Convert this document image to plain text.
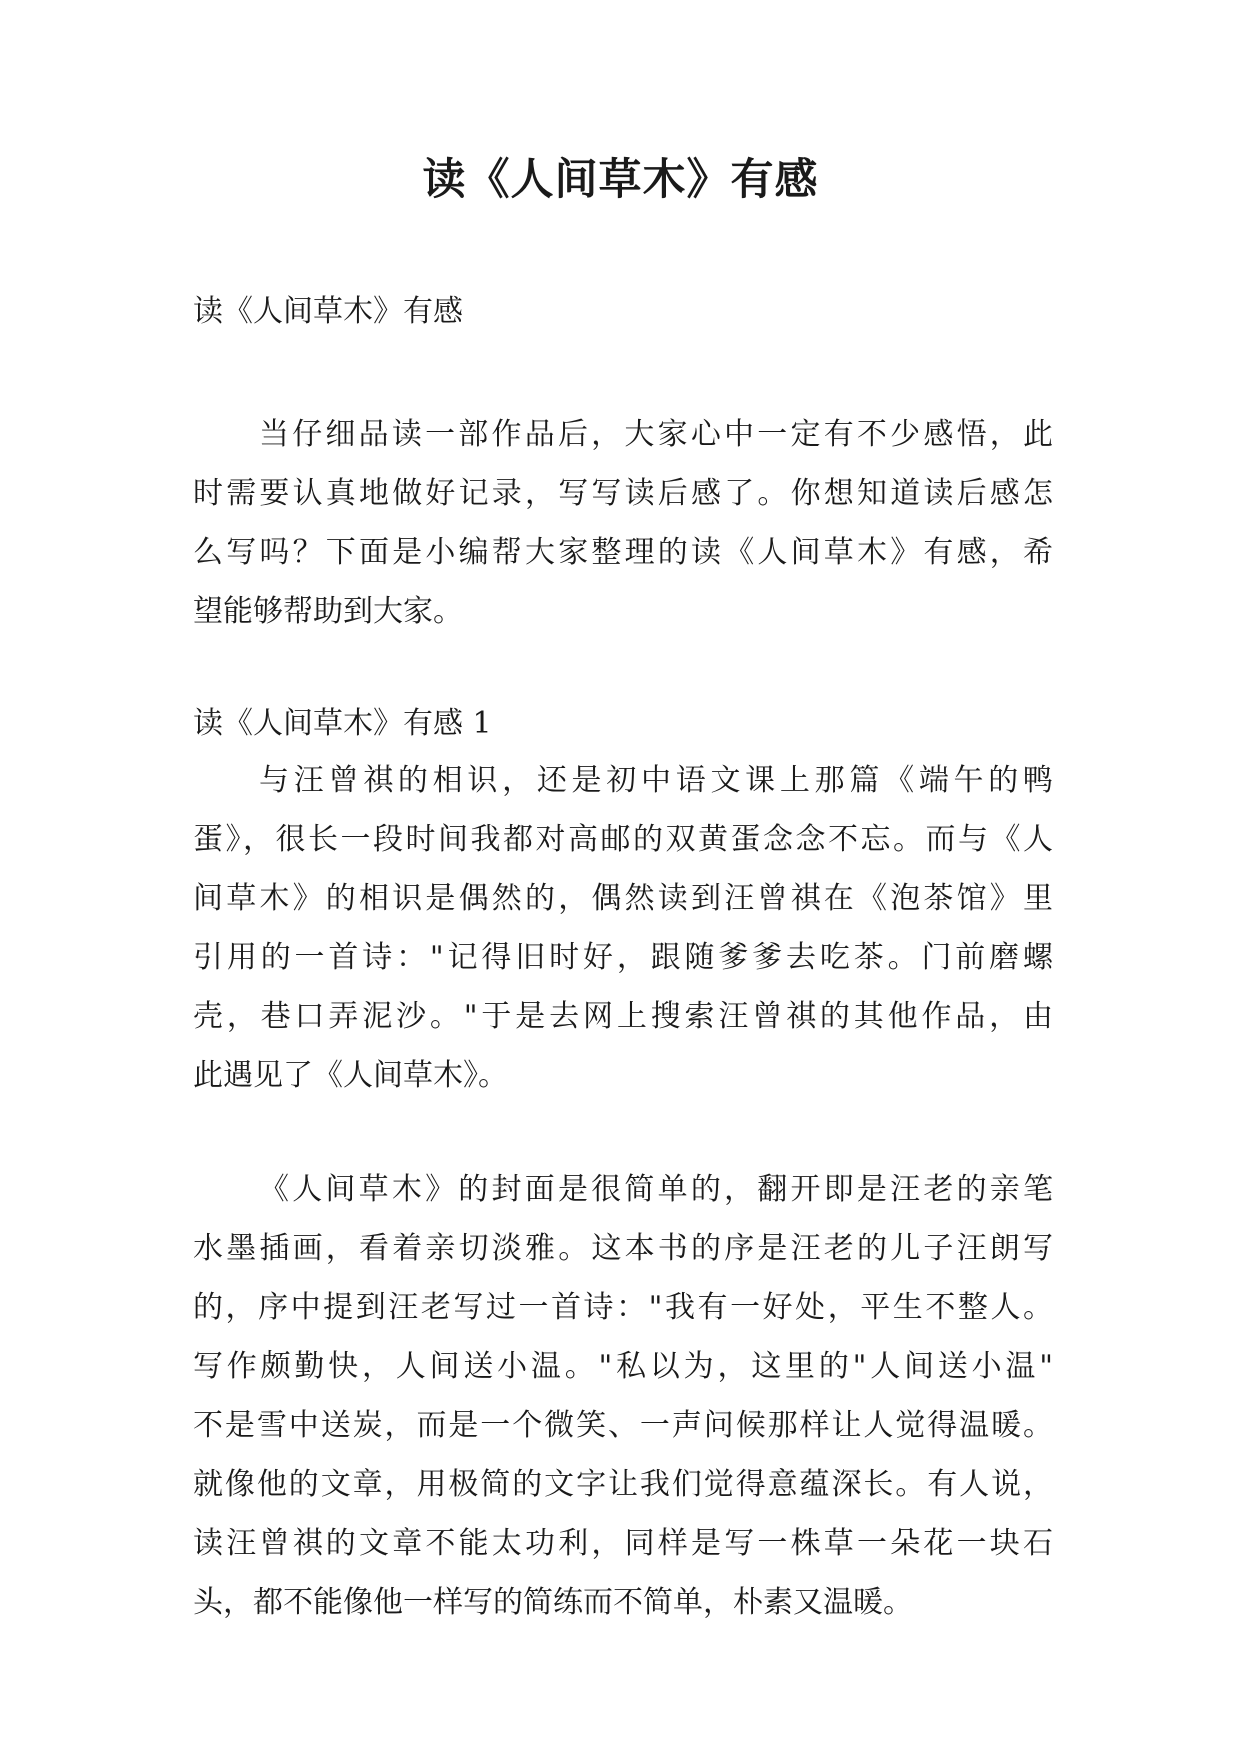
读《人间草木》有感
读《人间草木》有感
当仔细品读一部作品后，大家心中一定有不少感悟，此
时需要认真地做好记录，写写读后感了。你想知道读后感怎
么写吗？下面是小编帮大家整理的读《人间草木》有感，希
望能够帮助到大家。
读《人间草木》有感 1
与汪曾祺的相识，还是初中语文课上那篇《端午的鸭
蛋》，很长一段时间我都对高邮的双黄蛋念念不忘。而与《人
间草木》的相识是偶然的，偶然读到汪曾祺在《泡茶馆》里
引用的一首诗："记得旧时好，跟随爹爹去吃茶。门前磨螺
壳，巷口弄泥沙。"于是去网上搜索汪曾祺的其他作品，由
此遇见了《人间草木》。
《人间草木》的封面是很简单的，翻开即是汪老的亲笔
水墨插画，看着亲切淡雅。这本书的序是汪老的儿子汪朗写
的，序中提到汪老写过一首诗："我有一好处，平生不整人。
写作颇勤快，人间送小温。"私以为，这里的"人间送小温"
不是雪中送炭，而是一个微笑、一声问候那样让人觉得温暖。
就像他的文章，用极简的文字让我们觉得意蕴深长。有人说，
读汪曾祺的文章不能太功利，同样是写一株草一朵花一块石
头，都不能像他一样写的简练而不简单，朴素又温暖。
